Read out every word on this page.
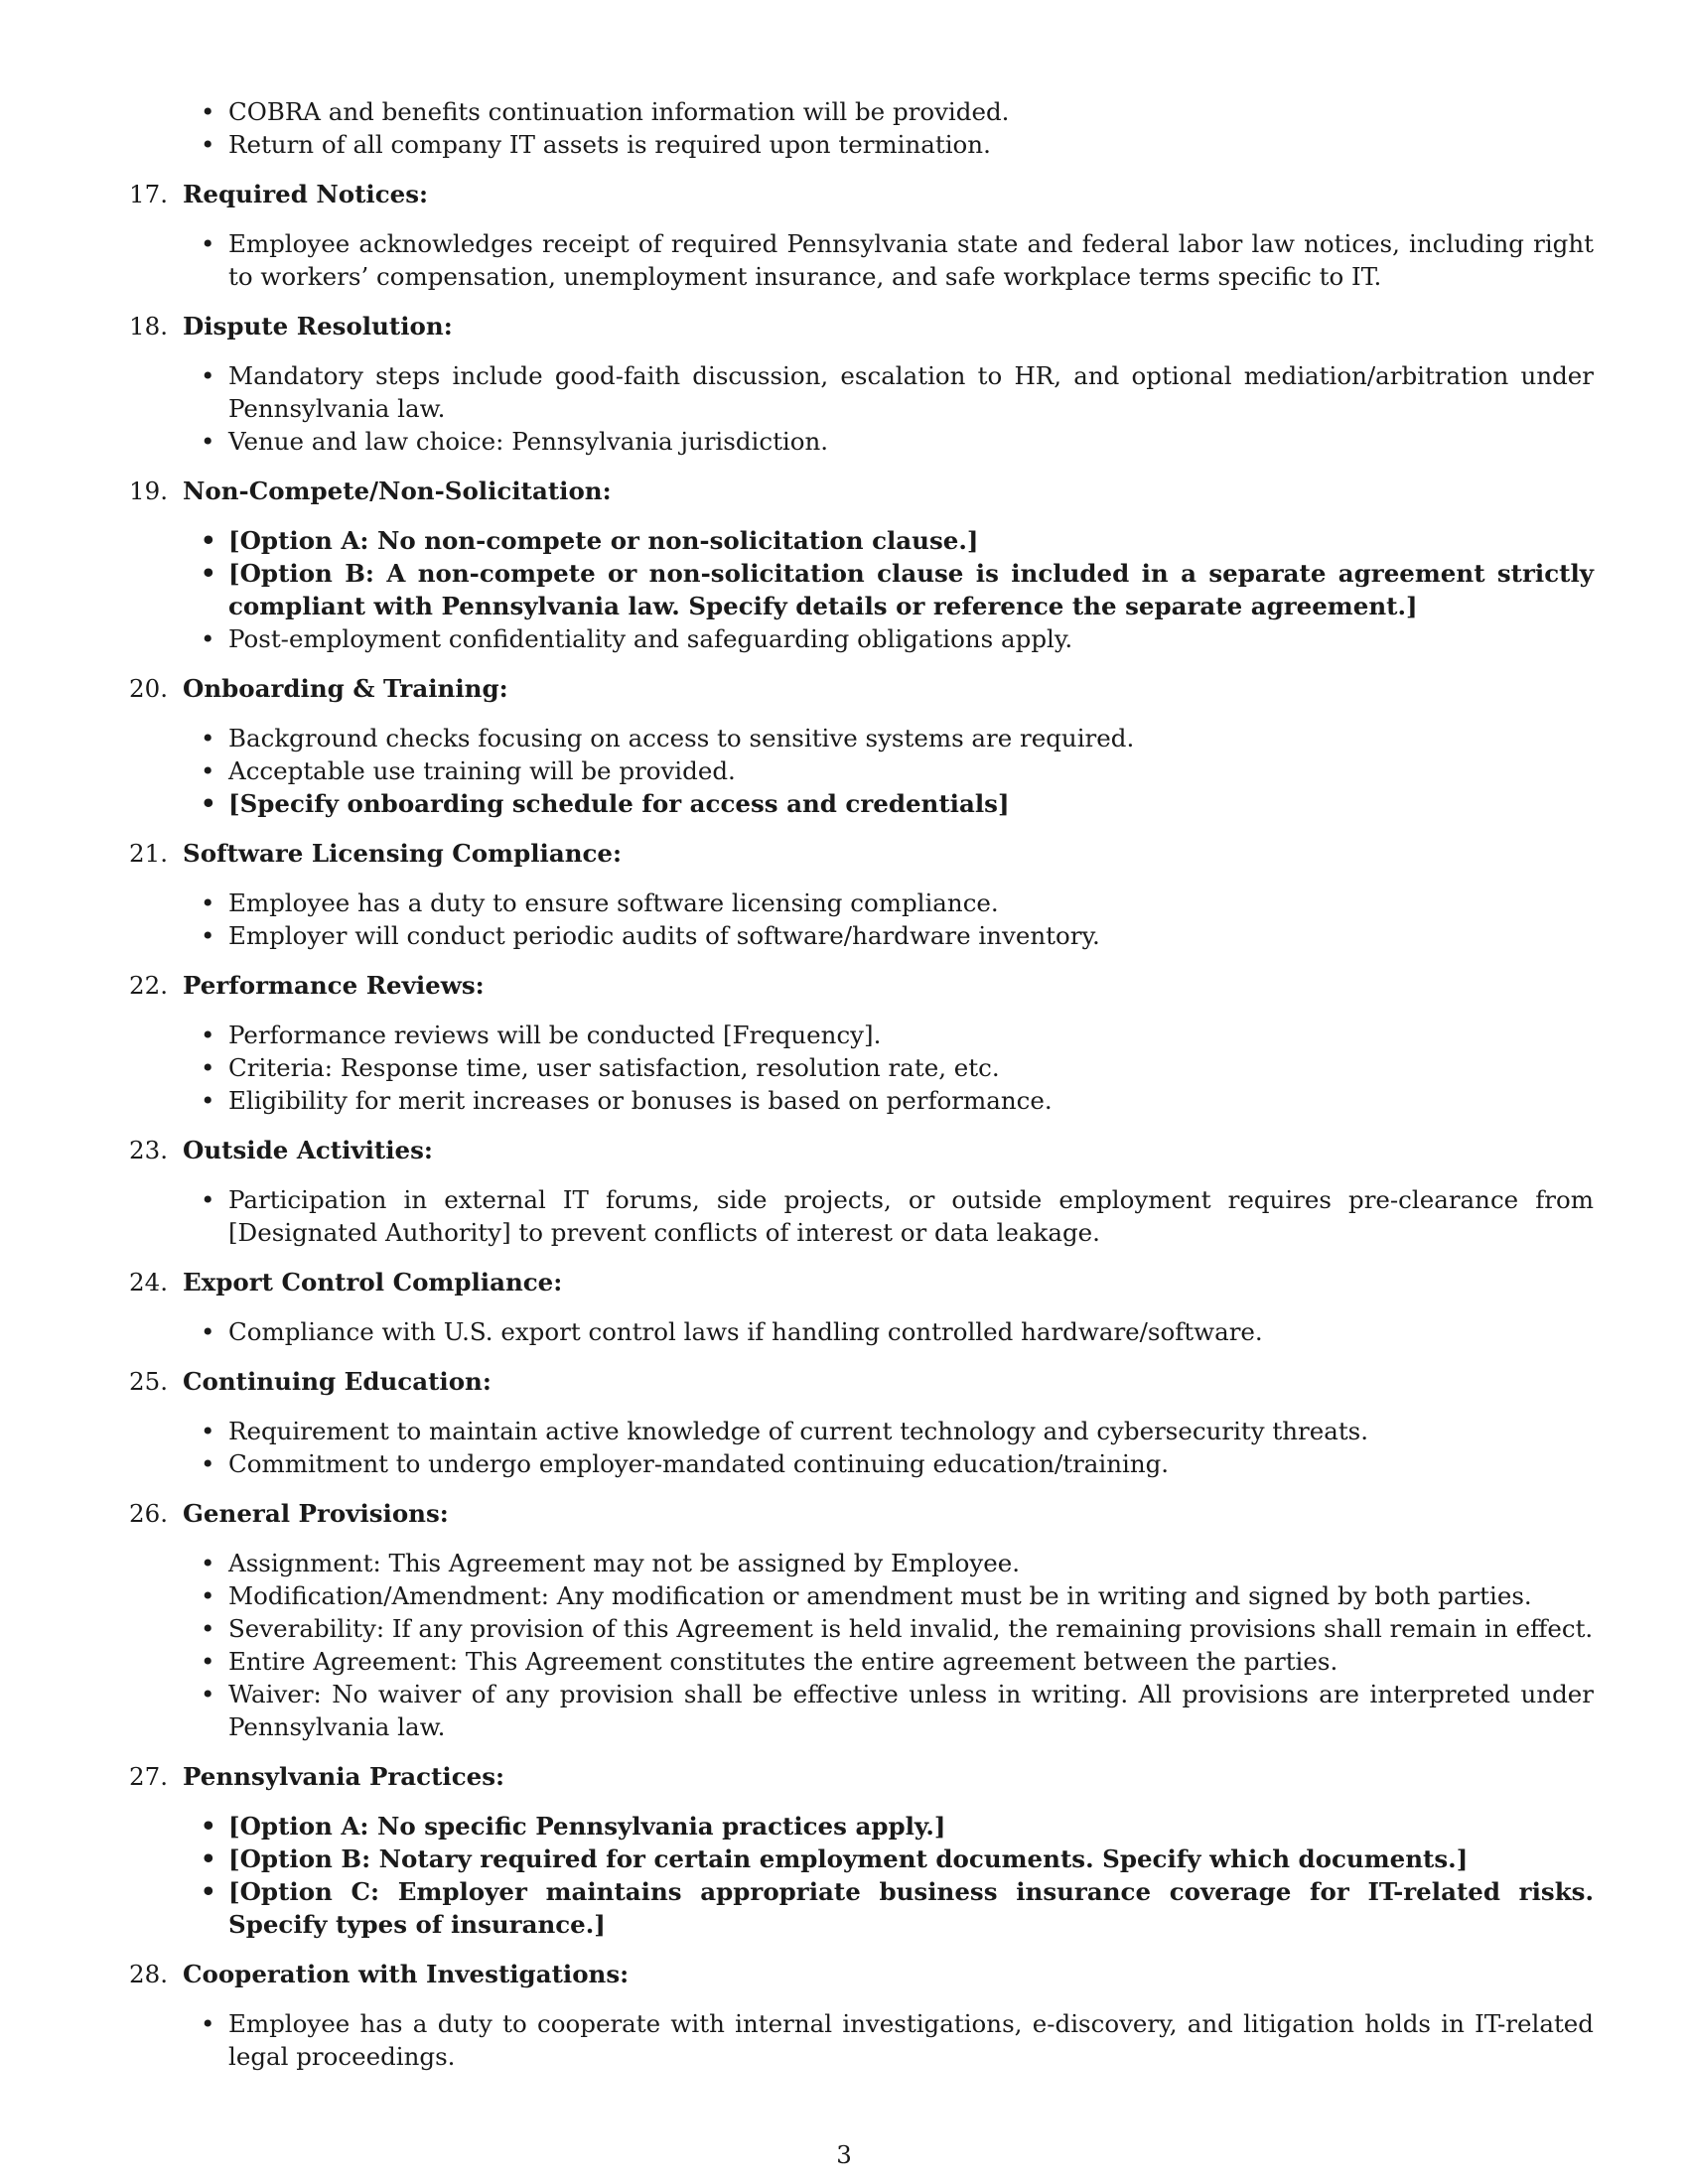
• COBRA and benefits continuation information will be provided.
• Return of all company IT assets is required upon termination.
17. Required Notices:
• Employee acknowledges receipt of required Pennsylvania state and federal labor law notices, including right to workers’ compensation, unemployment insurance, and safe workplace terms specific to IT.
18. Dispute Resolution:
• Mandatory steps include good-faith discussion, escalation to HR, and optional mediation/arbitration under Pennsylvania law.
• Venue and law choice: Pennsylvania jurisdiction.
19. Non-Compete/Non-Solicitation:
• [Option A: No non-compete or non-solicitation clause.]
• [Option B: A non-compete or non-solicitation clause is included in a separate agreement strictly compliant with Pennsylvania law. Specify details or reference the separate agreement.]
• Post-employment confidentiality and safeguarding obligations apply.
20. Onboarding & Training:
• Background checks focusing on access to sensitive systems are required.
• Acceptable use training will be provided.
• [Specify onboarding schedule for access and credentials]
21. Software Licensing Compliance:
• Employee has a duty to ensure software licensing compliance.
• Employer will conduct periodic audits of software/hardware inventory.
22. Performance Reviews:
• Performance reviews will be conducted [Frequency].
• Criteria: Response time, user satisfaction, resolution rate, etc.
• Eligibility for merit increases or bonuses is based on performance.
23. Outside Activities:
• Participation in external IT forums, side projects, or outside employment requires pre-clearance from [Designated Authority] to prevent conflicts of interest or data leakage.
24. Export Control Compliance:
• Compliance with U.S. export control laws if handling controlled hardware/software.
25. Continuing Education:
• Requirement to maintain active knowledge of current technology and cybersecurity threats.
• Commitment to undergo employer-mandated continuing education/training.
26. General Provisions:
• Assignment: This Agreement may not be assigned by Employee.
• Modification/Amendment: Any modification or amendment must be in writing and signed by both parties.
• Severability: If any provision of this Agreement is held invalid, the remaining provisions shall remain in effect.
• Entire Agreement: This Agreement constitutes the entire agreement between the parties.
• Waiver: No waiver of any provision shall be effective unless in writing. All provisions are interpreted under Pennsylvania law.
27. Pennsylvania Practices:
• [Option A: No specific Pennsylvania practices apply.]
• [Option B: Notary required for certain employment documents. Specify which documents.]
• [Option C: Employer maintains appropriate business insurance coverage for IT-related risks. Specify types of insurance.]
28. Cooperation with Investigations:
• Employee has a duty to cooperate with internal investigations, e-discovery, and litigation holds in IT-related legal proceedings.
3
